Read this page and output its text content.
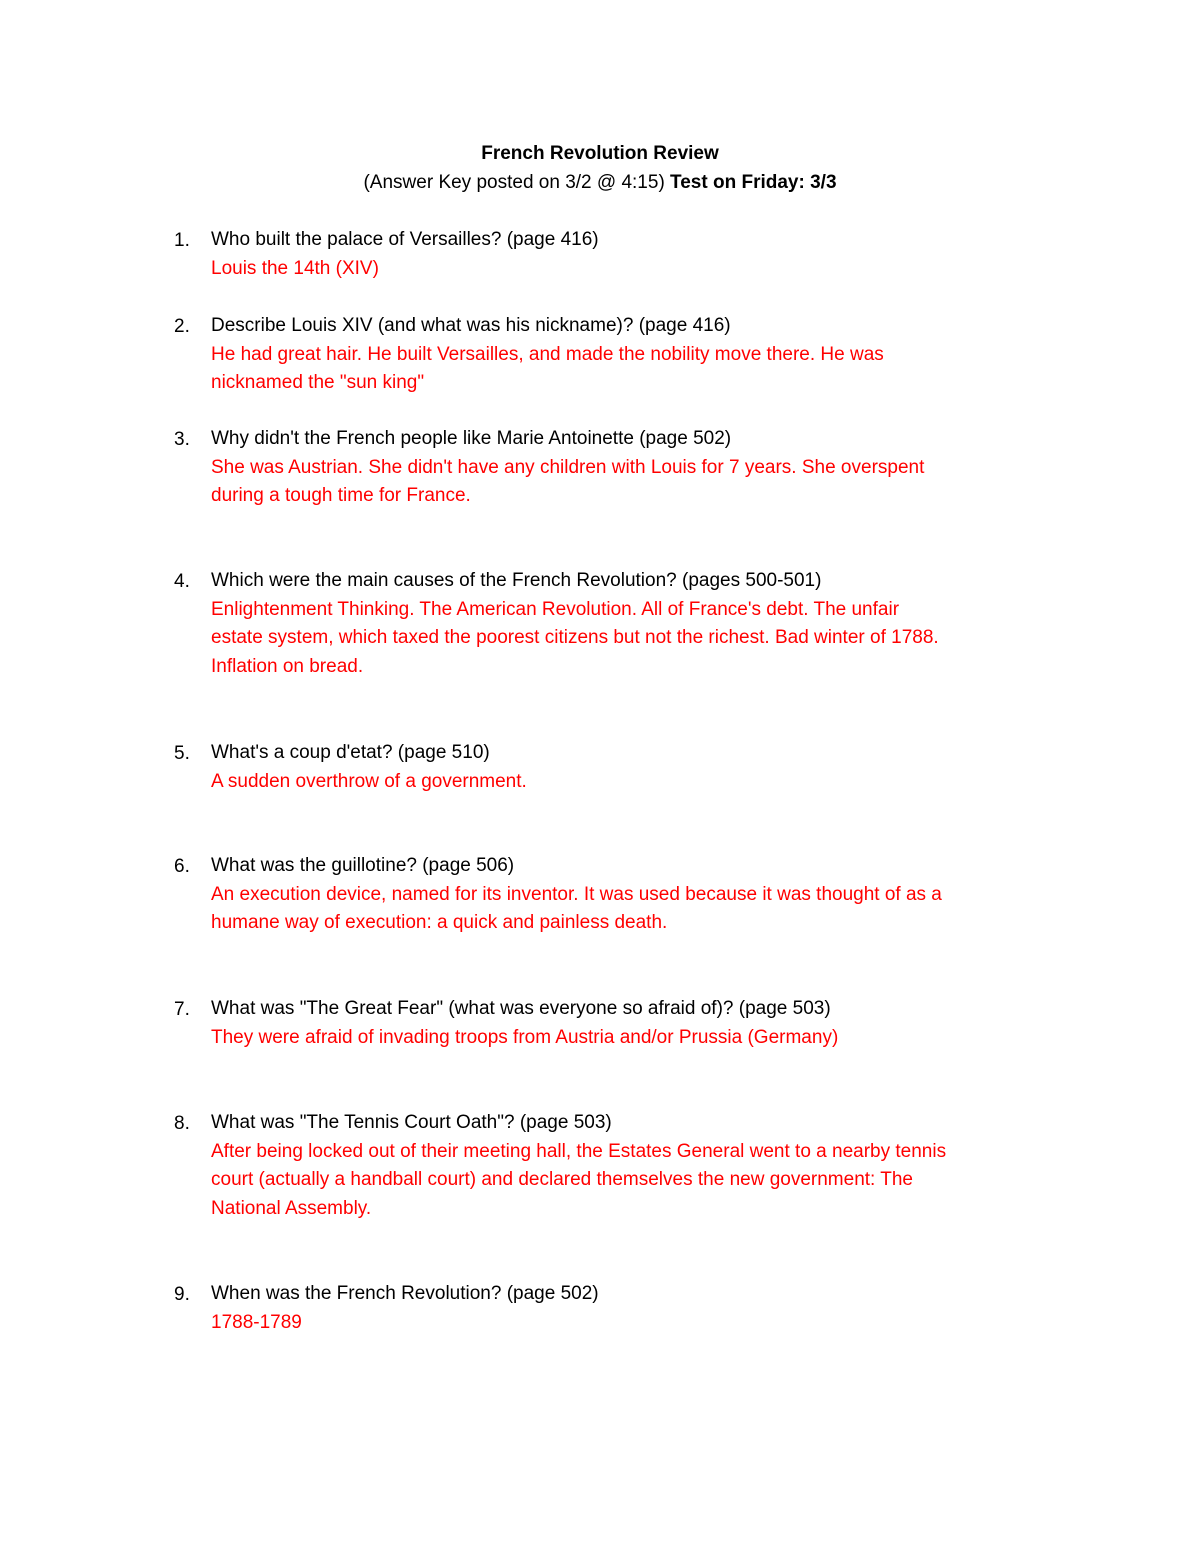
French Revolution Review
(Answer Key posted on 3/2 @ 4:15) Test on Friday: 3/3
1. Who built the palace of Versailles? (page 416)
Louis the 14th (XIV)
2. Describe Louis XIV (and what was his nickname)? (page 416)
He had great hair. He built Versailles, and made the nobility move there. He was
nicknamed the "sun king"
3. Why didn't the French people like Marie Antoinette (page 502)
She was Austrian. She didn't have any children with Louis for 7 years. She overspent
during a tough time for France.
4. Which were the main causes of the French Revolution? (pages 500-501)
Enlightenment Thinking. The American Revolution. All of France's debt. The unfair
estate system, which taxed the poorest citizens but not the richest. Bad winter of 1788.
Inflation on bread.
5. What's a coup d'etat? (page 510)
A sudden overthrow of a government.
6. What was the guillotine? (page 506)
An execution device, named for its inventor. It was used because it was thought of as a
humane way of execution: a quick and painless death.
7. What was "The Great Fear" (what was everyone so afraid of)? (page 503)
They were afraid of invading troops from Austria and/or Prussia (Germany)
8. What was "The Tennis Court Oath"? (page 503)
After being locked out of their meeting hall, the Estates General went to a nearby tennis
court (actually a handball court) and declared themselves the new government: The
National Assembly.
9. When was the French Revolution? (page 502)
1788-1789
